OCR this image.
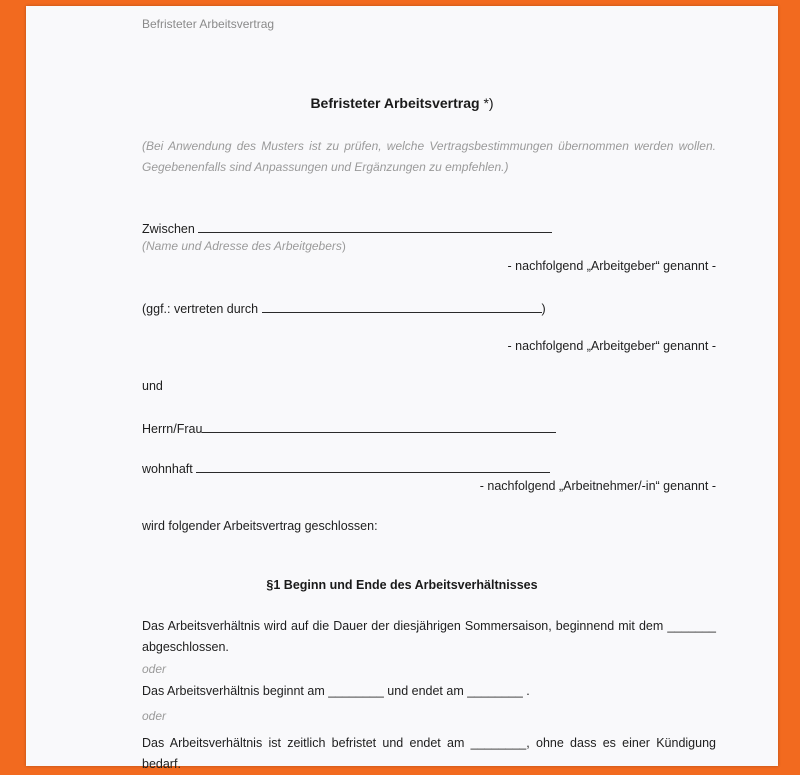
Befristeter Arbeitsvertrag
Befristeter Arbeitsvertrag *)
(Bei Anwendung des Musters ist zu prüfen, welche Vertragsbestimmungen übernommen werden wollen. Gegebenenfalls sind Anpassungen und Ergänzungen zu empfehlen.)
Zwischen
(Name und Adresse des Arbeitgebers)
- nachfolgend „Arbeitgeber“ genannt -
(ggf.: vertreten durch	)
- nachfolgend „Arbeitgeber“ genannt -
und
Herrn/Frau
wohnhaft
- nachfolgend „Arbeitnehmer/-in“ genannt -
wird folgender Arbeitsvertrag geschlossen:
§1 Beginn und Ende des Arbeitsverhältnisses
Das Arbeitsverhältnis wird auf die Dauer der diesjährigen Sommersaison, beginnend mit dem _______ abgeschlossen.
oder
Das Arbeitsverhältnis beginnt am ________ und endet am ________ .
oder
Das Arbeitsverhältnis ist zeitlich befristet und endet am ________, ohne dass es einer Kündigung bedarf.
